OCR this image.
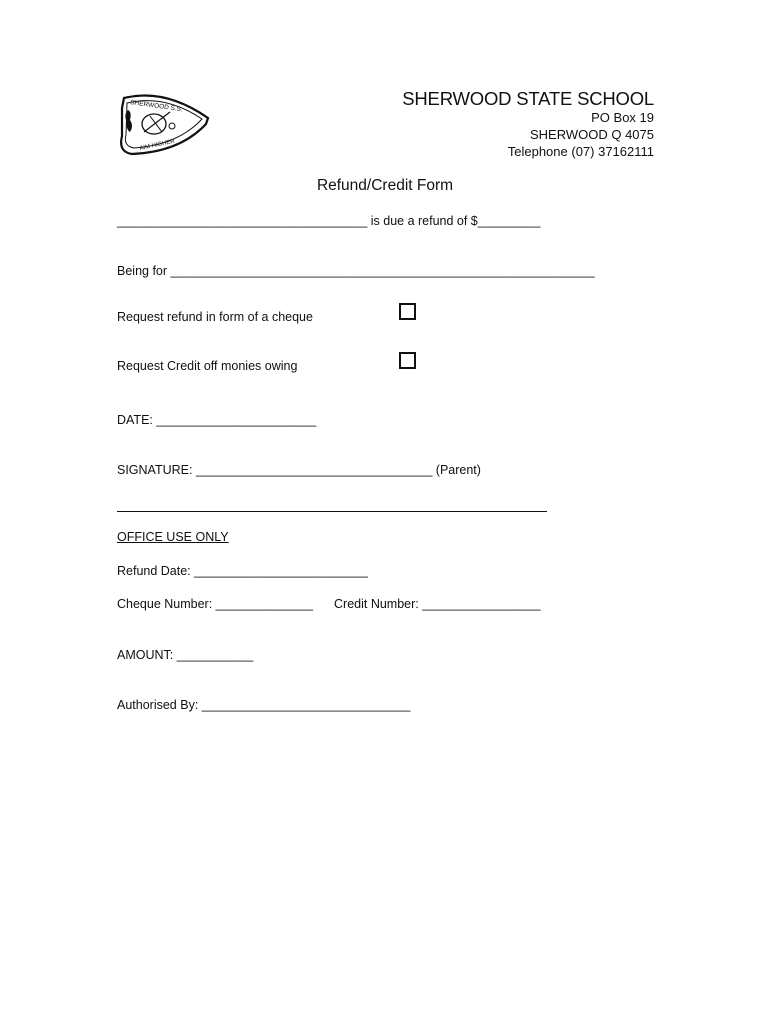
SHERWOOD S.S.
AIM HIGHER
SHERWOOD STATE SCHOOL
PO Box 19
SHERWOOD Q 4075
Telephone (07) 37162111
Refund/Credit Form
____________________________________ is due a refund of $_________
Being for _____________________________________________________________
Request refund in form of a cheque
Request Credit off monies owing
DATE: _______________________
SIGNATURE: __________________________________ (Parent)
OFFICE USE ONLY
Refund Date: _________________________
Cheque Number: ______________ Credit Number: _________________
AMOUNT: ___________
Authorised By: ______________________________
